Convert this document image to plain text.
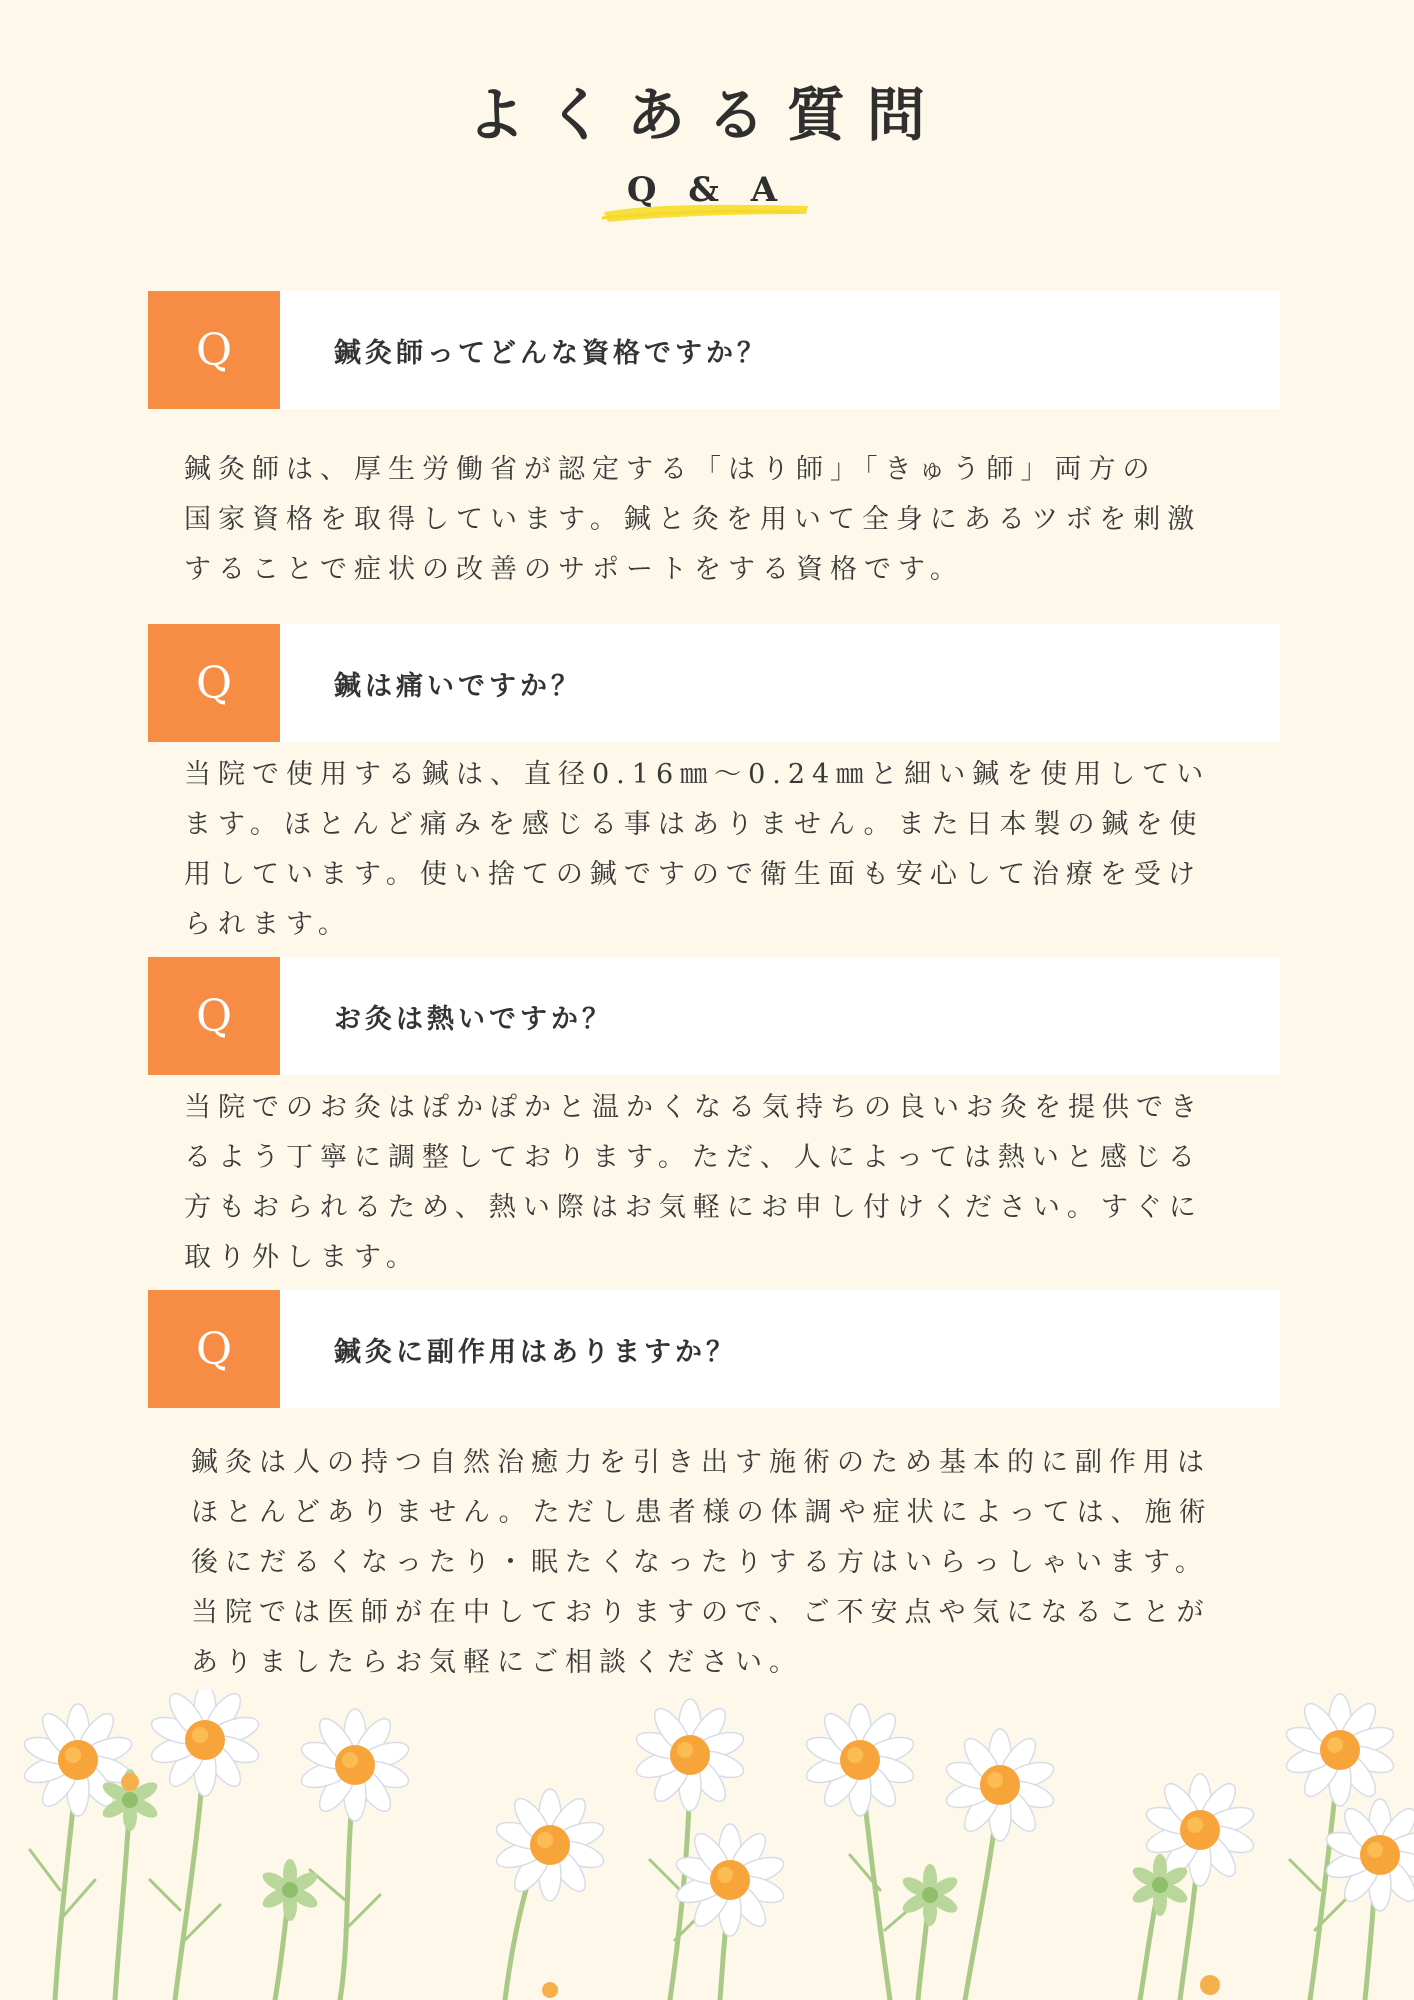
よくある質問
Q & A
Q	鍼灸師ってどんな資格ですか？
鍼灸師は、厚生労働省が認定する「はり師」「きゅう師」両方の
国家資格を取得しています。鍼と灸を用いて全身にあるツボを刺激
することで症状の改善のサポートをする資格です。
Q	鍼は痛いですか？
当院で使用する鍼は、直径0.16㎜～0.24㎜と細い鍼を使用してい
ます。ほとんど痛みを感じる事はありません。また日本製の鍼を使
用しています。使い捨ての鍼ですので衛生面も安心して治療を受け
られます。
Q	お灸は熱いですか？
当院でのお灸はぽかぽかと温かくなる気持ちの良いお灸を提供でき
るよう丁寧に調整しております。ただ、人によっては熱いと感じる
方もおられるため、熱い際はお気軽にお申し付けください。すぐに
取り外します。
Q	鍼灸に副作用はありますか？
鍼灸は人の持つ自然治癒力を引き出す施術のため基本的に副作用は
ほとんどありません。ただし患者様の体調や症状によっては、施術
後にだるくなったり・眠たくなったりする方はいらっしゃいます。
当院では医師が在中しておりますので、ご不安点や気になることが
ありましたらお気軽にご相談ください。
